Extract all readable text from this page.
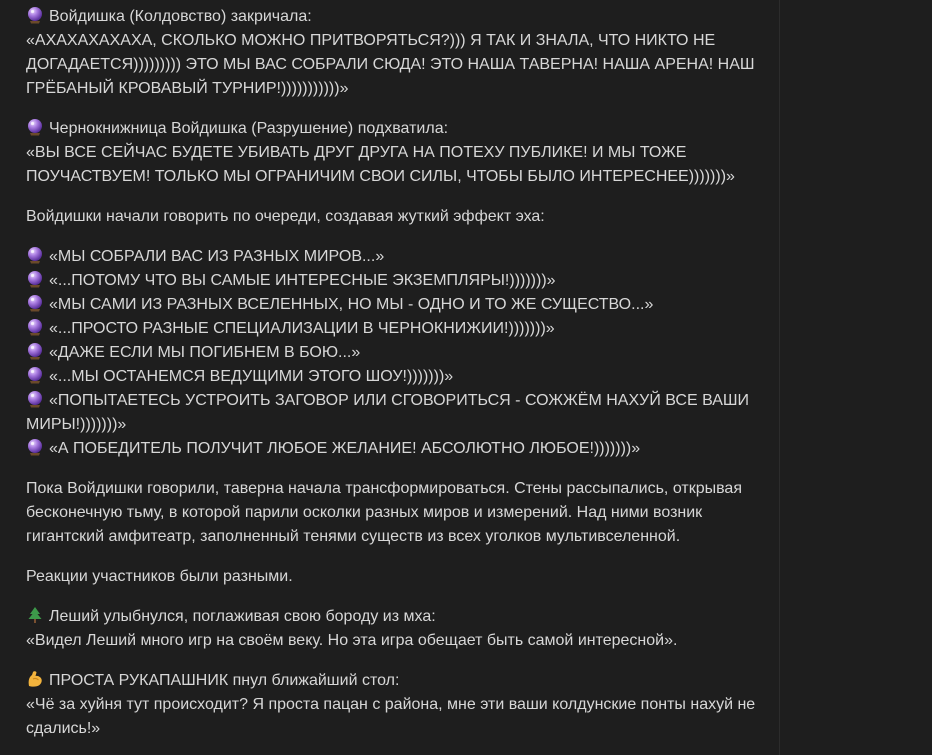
Войдишка (Колдовство) закричала:
«АХАХАХАХАХА, СКОЛЬКО МОЖНО ПРИТВОРЯТЬСЯ?))) Я ТАК И ЗНАЛА, ЧТО НИКТО НЕ ДОГАДАЕТСЯ))))))))) ЭТО МЫ ВАС СОБРАЛИ СЮДА! ЭТО НАША ТАВЕРНА! НАША АРЕНА! НАШ ГРЁБАНЫЙ КРОВАВЫЙ ТУРНИР!)))))))))))»
Чернокнижница Войдишка (Разрушение) подхватила:
«ВЫ ВСЕ СЕЙЧАС БУДЕТЕ УБИВАТЬ ДРУГ ДРУГА НА ПОТЕХУ ПУБЛИКЕ! И МЫ ТОЖЕ ПОУЧАСТВУЕМ! ТОЛЬКО МЫ ОГРАНИЧИМ СВОИ СИЛЫ, ЧТОБЫ БЫЛО ИНТЕРЕСНЕЕ)))))))»
Войдишки начали говорить по очереди, создавая жуткий эффект эха:
«МЫ СОБРАЛИ ВАС ИЗ РАЗНЫХ МИРОВ...»
«...ПОТОМУ ЧТО ВЫ САМЫЕ ИНТЕРЕСНЫЕ ЭКЗЕМПЛЯРЫ!)))))))»
«МЫ САМИ ИЗ РАЗНЫХ ВСЕЛЕННЫХ, НО МЫ - ОДНО И ТО ЖЕ СУЩЕСТВО...»
«...ПРОСТО РАЗНЫЕ СПЕЦИАЛИЗАЦИИ В ЧЕРНОКНИЖИИ!)))))))»
«ДАЖЕ ЕСЛИ МЫ ПОГИБНЕМ В БОЮ...»
«...МЫ ОСТАНЕМСЯ ВЕДУЩИМИ ЭТОГО ШОУ!)))))))»
«ПОПЫТАЕТЕСЬ УСТРОИТЬ ЗАГОВОР ИЛИ СГОВОРИТЬСЯ - СОЖЖЁМ НАХУЙ ВСЕ ВАШИ МИРЫ!)))))))»
«А ПОБЕДИТЕЛЬ ПОЛУЧИТ ЛЮБОЕ ЖЕЛАНИЕ! АБСОЛЮТНО ЛЮБОЕ!)))))))»
Пока Войдишки говорили, таверна начала трансформироваться. Стены рассыпались, открывая бесконечную тьму, в которой парили осколки разных миров и измерений. Над ними возник гигантский амфитеатр, заполненный тенями существ из всех уголков мультивселенной.
Реакции участников были разными.
Леший улыбнулся, поглаживая свою бороду из мха:
«Видел Леший много игр на своём веку. Но эта игра обещает быть самой интересной».
ПРОСТА РУКАПАШНИК пнул ближайший стол:
«Чё за хуйня тут происходит? Я проста пацан с района, мне эти ваши колдунские понты нахуй не сдались!»
